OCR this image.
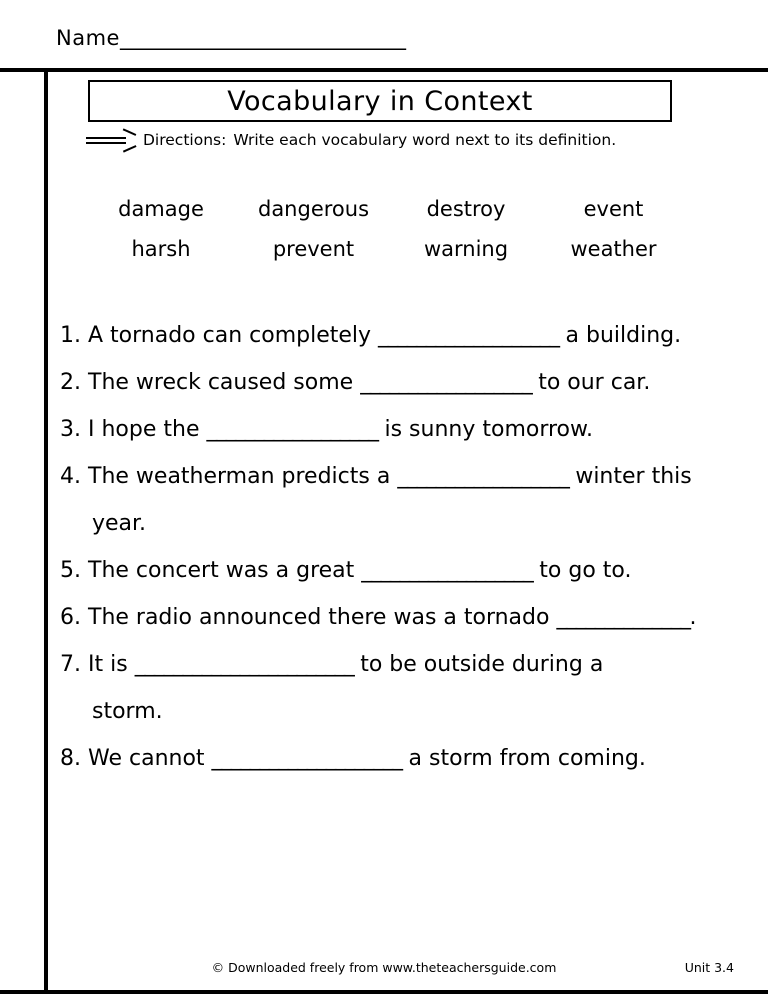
Name______________________________
Vocabulary in Context
Directions: Write each vocabulary word next to its definition.
damage	dangerous	destroy	event
harsh	prevent	warning	weather
1. A tornado can completely ___________________ a building.
2. The wreck caused some __________________ to our car.
3. I hope the __________________ is sunny tomorrow.
4. The weatherman predicts a __________________ winter this
year.
5. The concert was a great __________________ to go to.
6. The radio announced there was a tornado ______________.
7. It is _______________________ to be outside during a
storm.
8. We cannot ____________________ a storm from coming.
© Downloaded freely from www.theteachersguide.com	Unit 3.4
